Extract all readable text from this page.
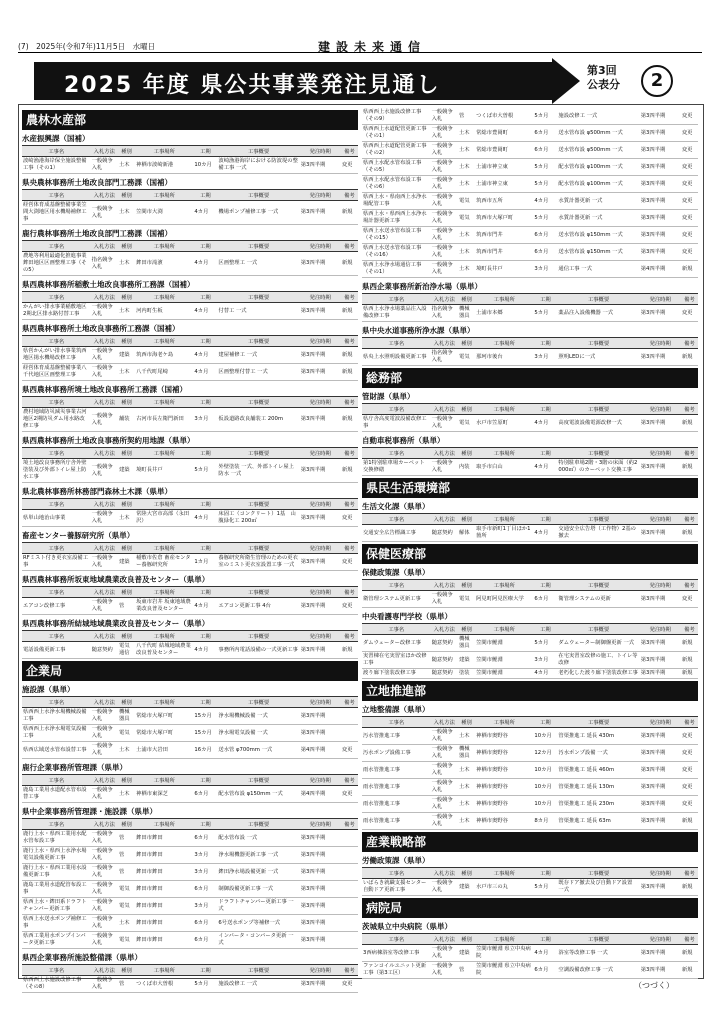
(7)　2025年(令和7年)11月5日　水曜日	建設未来通信
2025 年度 県公共事業発注見通し
第3回
公表分	2
農林水産部
水産振興課（国補）
工事名	入札方法	種別	工事場所	工期	工事概要	発注時期	備考
波崎漁港海岸保全施設整備工事（その1）	一般競争入札	土木	神栖市波崎新港	10カ月	波崎漁港海岸における防波堤の整備工事 一式	第3四半期	変更
県央農林事務所土地改良部門工務課（国補）
工事名	入札方法	種別	工事場所	工期	工事概要	発注時期	備考
経営体育成基盤整備事業笠間大渕地区用水機場補修工事	一般競争入札	土木	笠間市大渕	4カ月	機場ポンプ補修工事 一式	第3四半期	新規
鹿行農林事務所土地改良部門工務課（国補）
工事名	入札方法	種別	工事場所	工期	工事概要	発注時期	備考
農地等利用最適化推進事業鉾田地区区画整理工事（その5）	指名競争入札	土木	鉾田市滝濱	4カ月	区画整理工 一式	第3四半期	新規
県西農林事務所稲敷土地改良事務所工務課（国補）
工事名	入札方法	種別	工事場所	工期	工事概要	発注時期	備考
かんがい排水事業稲敷地区2期北区排水路付替工事	一般競争入札	土木	河内町生板	4カ月	付替工 一式	第3四半期	新規
県西農林事務所土地改良事務所工務課（国補）
工事名	入札方法	種別	工事場所	工期	工事概要	発注時期	備考
県営かんがい排水事業筑西地区揚水機場改修工事	一般競争入札	建築	筑西市海老ケ島	4カ月	建屋補修工 一式	第3四半期	新規
経営体育成基盤整備事業八千代地区区画整理工事	一般競争入札	土木	八千代町尾崎	4カ月	区画整理付替工 一式	第3四半期	新規
県西農林事務所境土地改良事務所工務課（国補）
工事名	入札方法	種別	工事場所	工期	工事概要	発注時期	備考
農村地域防災減災事業古河地区2期防災ダム用水路改修工事	一般競争入札	舗装	古河市長左衛門新田	3カ月	仮設道路改良舗装工 200m	第3四半期	新規
県西農林事務所土地改良事務所契約用地課（県単）
工事名	入札方法	種別	工事場所	工期	工事概要	発注時期	備考
境土地改良事務所庁舎外壁塗装及び外部トイレ屋上防水工事	一般競争入札	建築	境町長井戸	5カ月	外壁塗装 一式、外部トイレ屋上防水 一式	第3四半期	新規
県北農林事務所林務部門森林土木課（県単）
工事名	入札方法	種別	工事場所	工期	工事概要	発注時期	備考
県単山地治山事業	一般競争入札	土木	常陸大宮市高部（永田沢）	4カ月	床固工（コンクリート）1基　山腹緑化工 200㎡	第3四半期	変更
畜産センター養豚研究所（県単）
工事名	入札方法	種別	工事場所	工期	工事概要	発注時期	備考
RFミスト付き更衣室設備工事	一般競争入札	建築	稲敷市佐倉 畜産センター養豚研究所	1カ月	養豚研究所衛生管理のための更衣室のミスト更衣室設置工事 一式	第3四半期	変更
県西農林事務所坂東地域農業改良普及センター（県単）
工事名	入札方法	種別	工事場所	工期	工事概要	発注時期	備考
エアコン改修工事	一般競争入札	管	坂東市岩井 坂東地域農業改良普及センター	4カ月	エアコン更新工事 4台	第3四半期	変更
県西農林事務所結城地域農業改良普及センター（県単）
工事名	入札方法	種別	工事場所	工期	工事概要	発注時期	備考
電話設備更新工事	随意契約	電気通信	八千代町 結城地域農業改良普及センター	4カ月	事務所内電話設備の一式更新工事	第3四半期	新規
企業局
施設課（県単）
工事名	入札方法	種別	工事場所	工期	工事概要	発注時期	備考
県西西上水浄水場機械設備工事	一般競争入札	機械器具	常総市大塚戸町	15カ月	浄水場機械設備 一式	第3四半期	
県西西上水浄水場電気設備工事	一般競争入札	電気	常総市大塚戸町	15カ月	浄水場電気設備 一式	第3四半期	
県西広域送水管布設替工事	一般競争入札	土木	土浦市大岩田	16カ月	送水管 φ700mm 一式	第4四半期	変更
鹿行企業事務所管理課（県単）
工事名	入札方法	種別	工事場所	工期	工事概要	発注時期	備考
鹿島工業用水道配水管布設替工事	一般競争入札	土木	神栖市東深芝	6カ月	配水管布設 φ150mm 一式	第4四半期	変更
県中企業事務所管理課・施設課（県単）
工事名	入札方法	種別	工事場所	工期	工事概要	発注時期	備考
鹿行上水・県西工業用水配水管布設工事	一般競争入札	管	鉾田市鉾田	6カ月	配水管布設 一式	第3四半期	
鹿行上水・県西上水浄水場電気設備更新工事	一般競争入札	管	鉾田市鉾田	3カ月	浄水場機器更新工事 一式	第3四半期	
鹿行上水・県西工業用水設備更新工事	一般競争入札	管	鉾田市鉾田	3カ月	鉾田浄水場設備更新 一式	第3四半期	
鹿島工業用水道配管布設工事	一般競争入札	電気	鉾田市鉾田	6カ月	制御設備更新工事 一式	第3四半期	
県西上水・鉾田系ドラフトチャンバー更新工事	一般競争入札	電気	鉾田市鉾田	3カ月	ドラフトチャンバー更新工事 一式	第3四半期	
県西上水送水ポンプ補修工事	一般競争入札	土木	鉾田市鉾田	6カ月	6号送水ポンプ等補修一式	第3四半期	
県西工業用水ポンプインバータ更新工事	一般競争入札	電気	鉾田市鉾田	6カ月	インバータ・コンバータ更新 一式	第3四半期	
県西企業事務所施設整備課（県単）
工事名	入札方法	種別	工事場所	工期	工事概要	発注時期	備考
県西西上水施設改修工事（その8）	一般競争入札	管	つくば市大曽根	5カ月	施設改修工 一式	第3四半期	変更
県西西上水施設改修工事（その9）	一般競争入札	管	つくば市大曽根	5カ月	施設改修工 一式	第3四半期	変更
県西西上水道配管更新工事（その1）	一般競争入札	土木	常総市豊岡町	6カ月	送水管布設 φ500mm 一式	第3四半期	変更
県西西上水道配管更新工事（その2）	一般競争入札	土木	常総市豊岡町	6カ月	送水管布設 φ500mm 一式	第3四半期	変更
県西上水配水管布設工事（その5）	一般競争入札	土木	土浦市神立東	5カ月	配水管布設 φ100mm 一式	第3四半期	変更
県西上水配水管布設工事（その6）	一般競争入札	土木	土浦市神立東	5カ月	配水管布設 φ100mm 一式	第3四半期	変更
県西上水・県南西上水浄水場配管工事	一般競争入札	電気	筑西市五所	4カ月	水質計器更新 一式	第3四半期	変更
県西上水・県西西上水浄水場計器更新工事	一般競争入札	電気	筑西市大塚戸町	5カ月	水質計器更新 一式	第3四半期	変更
県西上水送水管布設工事（その15）	一般競争入札	土木	筑西市門井	6カ月	送水管布設 φ150mm 一式	第3四半期	変更
県西上水送水管布設工事（その16）	一般競争入札	土木	筑西市門井	6カ月	送水管布設 φ150mm 一式	第3四半期	変更
県西上水浄水場通信工事（その1）	一般競争入札	土木	境町長井戸	3カ月	通信工事 一式	第4四半期	新規
県西企業事務所新治浄水場（県単）
工事名	入札方法	種別	工事場所	工期	工事概要	発注時期	備考
県西上水浄水場薬品注入設備改修工事	指名競争入札	機械器具	土浦市本郷	5カ月	薬品注入設備機器 一式	第3四半期	変更
県中央水道事務所浄水課（県単）
工事名	入札方法	種別	工事場所	工期	工事概要	発注時期	備考
県央上水照明設備更新工事	指名競争入札	電気	那珂市後台	3カ月	照明LEDに一式	第3四半期	新規
総務部
管財課（県単）
工事名	入札方法	種別	工事場所	工期	工事概要	発注時期	備考
県庁舎高度電波設備改修工事	一般競争入札	電気	水戸市笠原町	4カ月	高度電波設備電源改修一式	第3四半期	新規
自動車税事務所（県単）
工事名	入札方法	種別	工事場所	工期	工事概要	発注時期	備考
第1特別駐車場カーペット交換修繕	一般競争入札	内装	取手市白山	4カ月	特別駐車場2階・3階の床面（約2000㎡）のカーペット交換工事	第3四半期	新規
県民生活環境部
生活文化課（県単）
工事名	入札方法	種別	工事場所	工期	工事概要	発注時期	備考
交通安全広告標識工事	随意契約	解体	取手市新町1丁目ほか1箇所	4カ月	交通安全広告塔（工作物）2基の撤去	第3四半期	新規
保健医療部
保健政策課（県単）
工事名	入札方法	種別	工事場所	工期	工事概要	発注時期	備考
衛管理システム更新工事	一般競争入札	電気	阿見町阿見医療大学	6カ月	衛管理システムの更新	第3四半期	変更
中央看護専門学校（県単）
工事名	入札方法	種別	工事場所	工期	工事概要	発注時期	備考
ダムウェーター改修工事	随意契約	機械器具	笠間市鯉淵	5カ月	ダムウェーター制御盤更新 一式	第3四半期	新規
実習棟在宅実習室ほか改修工事	随意契約	建築	笠間市鯉淵	3カ月	在宅実習室改修の施工、トイレ等改修	第3四半期	新規
渡り廊下塗装改修工事	随意契約	塗装	笠間市鯉淵	4カ月	老朽化した渡り廊下塗装改修工事	第3四半期	新規
立地推進部
立地整備課（県単）
工事名	入札方法	種別	工事場所	工期	工事概要	発注時期	備考
汚水管推進工事	一般競争入札	土木	神栖市奥野谷	10カ月	管渠推進工 延長 430m	第3四半期	変更
汚水ポンプ設備工事	一般競争入札	機械器具	神栖市奥野谷	12カ月	汚水ポンプ設備 一式	第3四半期	変更
雨水管推進工事	一般競争入札	土木	神栖市奥野谷	10カ月	管渠推進工 延長 460m	第3四半期	変更
雨水管推進工事	一般競争入札	土木	神栖市奥野谷	10カ月	管渠推進工 延長 130m	第3四半期	変更
雨水管推進工事	一般競争入札	土木	神栖市奥野谷	10カ月	管渠推進工 延長 230m	第3四半期	変更
雨水管推進工事	一般競争入札	土木	神栖市奥野谷	8カ月	管渠推進工 延長 63m	第3四半期	新規
産業戦略部
労働政策課（県単）
工事名	入札方法	種別	工事場所	工期	工事概要	発注時期	備考
いばらき就職支援センター自動ドア更新工事	一般競争入札	建築	水戸市三の丸	5カ月	既存ドア撤去及び自動ドア設置 一式	第3四半期	新規
病院局
茨城県立中央病院（県単）
工事名	入札方法	種別	工事場所	工期	工事概要	発注時期	備考
3西病棟浴室等改修工事	一般競争入札	建築	笠間市鯉淵 県立中央病院	4カ月	浴室等改修工事 一式	第3四半期	新規
ファンコイルユニット更新工事（第3工区）	一般競争入札	管	笠間市鯉淵 県立中央病院	6カ月	空調設備改修工事 一式	第3四半期	新規
（つづく）
